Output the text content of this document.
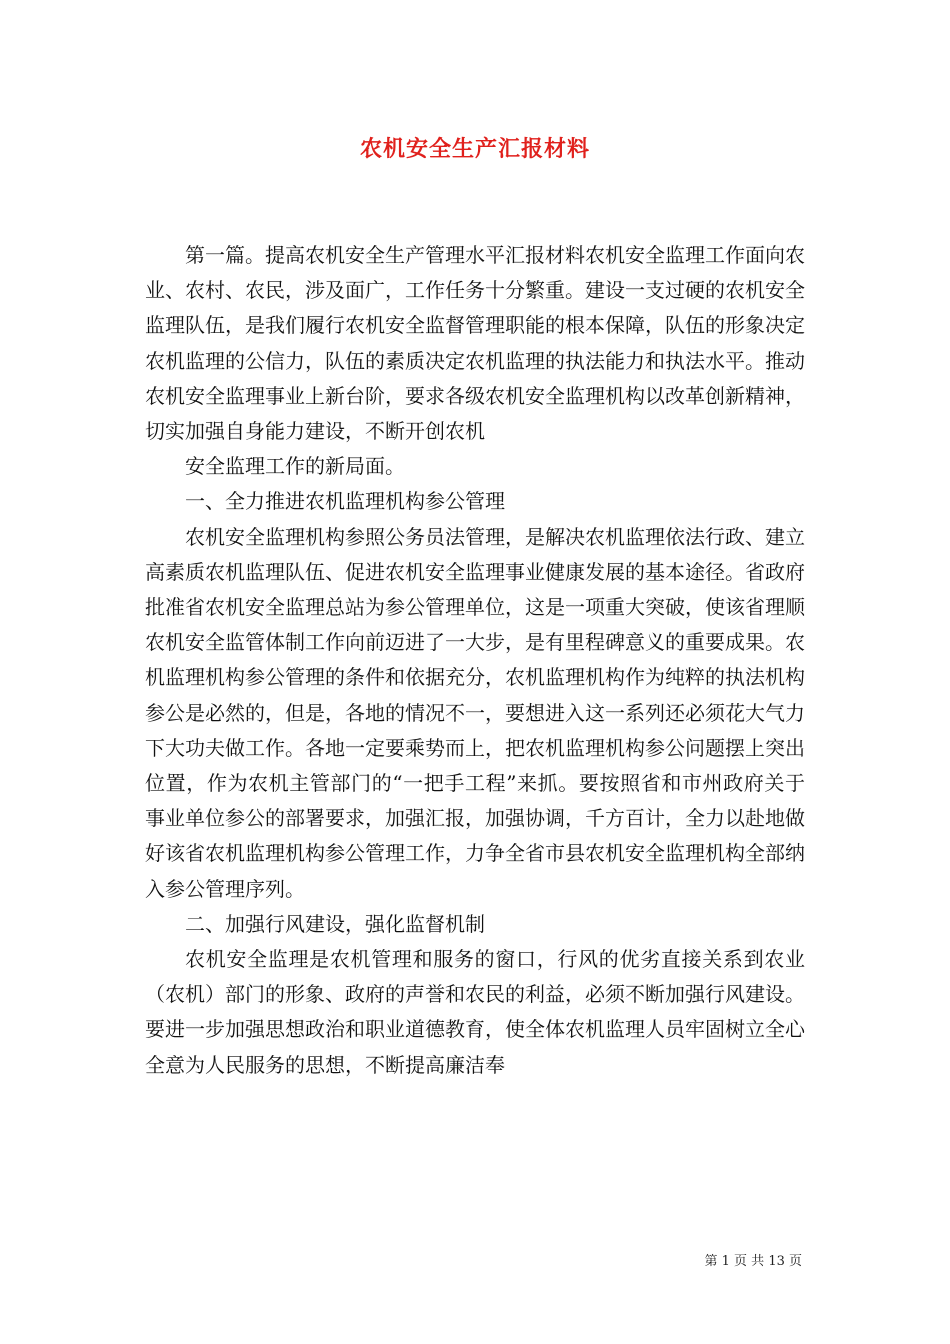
农机安全生产汇报材料

第一篇。提高农机安全生产管理水平汇报材料农机安全监理工作面向农业、农村、农民，涉及面广，工作任务十分繁重。建设一支过硬的农机安全监理队伍，是我们履行农机安全监督管理职能的根本保障，队伍的形象决定农机监理的公信力，队伍的素质决定农机监理的执法能力和执法水平。推动农机安全监理事业上新台阶，要求各级农机安全监理机构以改革创新精神，切实加强自身能力建设，不断开创农机

安全监理工作的新局面。

一、全力推进农机监理机构参公管理

农机安全监理机构参照公务员法管理，是解决农机监理依法行政、建立高素质农机监理队伍、促进农机安全监理事业健康发展的基本途径。省政府批准省农机安全监理总站为参公管理单位，这是一项重大突破，使该省理顺农机安全监管体制工作向前迈进了一大步，是有里程碑意义的重要成果。农机监理机构参公管理的条件和依据充分，农机监理机构作为纯粹的执法机构参公是必然的，但是，各地的情况不一，要想进入这一系列还必须花大气力下大功夫做工作。各地一定要乘势而上，把农机监理机构参公问题摆上突出位置，作为农机主管部门的“一把手工程”来抓。要按照省和市州政府关于事业单位参公的部署要求，加强汇报，加强协调，千方百计，全力以赴地做好该省农机监理机构参公管理工作，力争全省市县农机安全监理机构全部纳入参公管理序列。

二、加强行风建设，强化监督机制

农机安全监理是农机管理和服务的窗口，行风的优劣直接关系到农业（农机）部门的形象、政府的声誉和农民的利益，必须不断加强行风建设。要进一步加强思想政治和职业道德教育，使全体农机监理人员牢固树立全心全意为人民服务的思想，不断提高廉洁奉

第 1 页 共 13 页
